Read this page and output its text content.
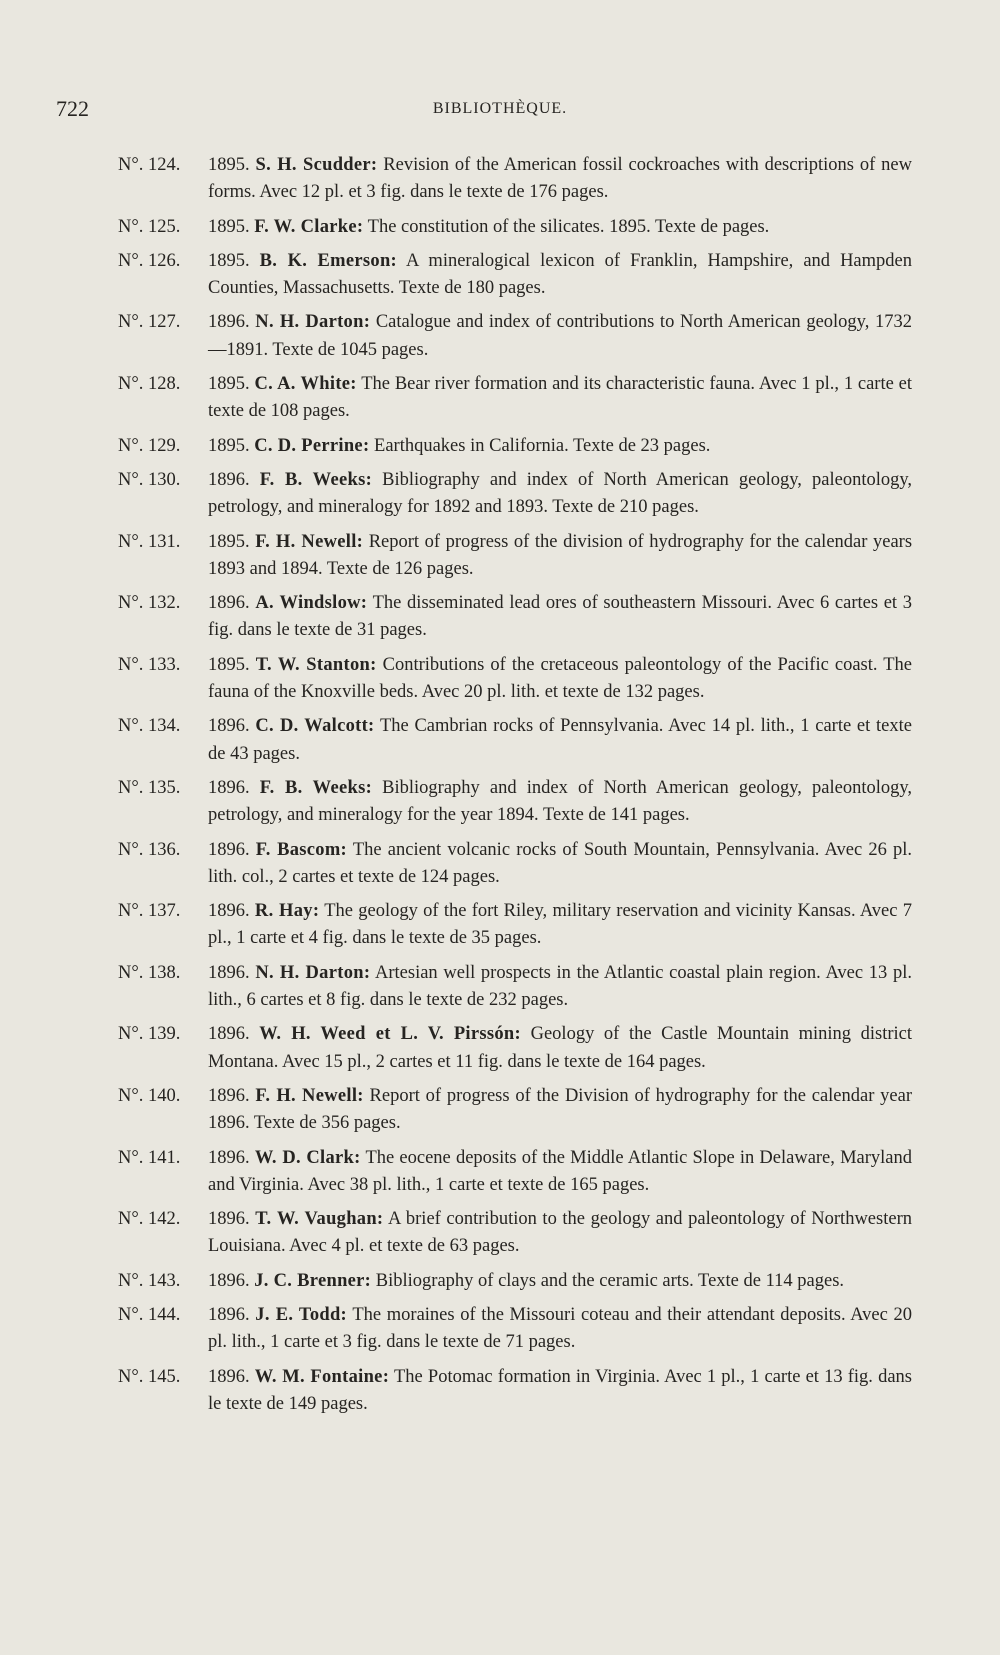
722	BIBLIOTHÈQUE.
N°. 124.	1895. S. H. Scudder: Revision of the American fossil cockroaches with descriptions of new forms. Avec 12 pl. et 3 fig. dans le texte de 176 pages.
N°. 125.	1895. F. W. Clarke: The constitution of the silicates. 1895. Texte de pages.
N°. 126.	1895. B. K. Emerson: A mineralogical lexicon of Franklin, Hampshire, and Hampden Counties, Massachusetts. Texte de 180 pages.
N°. 127.	1896. N. H. Darton: Catalogue and index of contributions to North American geology, 1732—1891. Texte de 1045 pages.
N°. 128.	1895. C. A. White: The Bear river formation and its characteristic fauna. Avec 1 pl., 1 carte et texte de 108 pages.
N°. 129.	1895. C. D. Perrine: Earthquakes in California. Texte de 23 pages.
N°. 130.	1896. F. B. Weeks: Bibliography and index of North American geology, paleontology, petrology, and mineralogy for 1892 and 1893. Texte de 210 pages.
N°. 131.	1895. F. H. Newell: Report of progress of the division of hydrography for the calendar years 1893 and 1894. Texte de 126 pages.
N°. 132.	1896. A. Windslow: The disseminated lead ores of southeastern Missouri. Avec 6 cartes et 3 fig. dans le texte de 31 pages.
N°. 133.	1895. T. W. Stanton: Contributions of the cretaceous paleontology of the Pacific coast. The fauna of the Knoxville beds. Avec 20 pl. lith. et texte de 132 pages.
N°. 134.	1896. C. D. Walcott: The Cambrian rocks of Pennsylvania. Avec 14 pl. lith., 1 carte et texte de 43 pages.
N°. 135.	1896. F. B. Weeks: Bibliography and index of North American geology, paleontology, petrology, and mineralogy for the year 1894. Texte de 141 pages.
N°. 136.	1896. F. Bascom: The ancient volcanic rocks of South Mountain, Pennsylvania. Avec 26 pl. lith. col., 2 cartes et texte de 124 pages.
N°. 137.	1896. R. Hay: The geology of the fort Riley, military reservation and vicinity Kansas. Avec 7 pl., 1 carte et 4 fig. dans le texte de 35 pages.
N°. 138.	1896. N. H. Darton: Artesian well prospects in the Atlantic coastal plain region. Avec 13 pl. lith., 6 cartes et 8 fig. dans le texte de 232 pages.
N°. 139.	1896. W. H. Weed et L. V. Pirssón: Geology of the Castle Mountain mining district Montana. Avec 15 pl., 2 cartes et 11 fig. dans le texte de 164 pages.
N°. 140.	1896. F. H. Newell: Report of progress of the Division of hydrography for the calendar year 1896. Texte de 356 pages.
N°. 141.	1896. W. D. Clark: The eocene deposits of the Middle Atlantic Slope in Delaware, Maryland and Virginia. Avec 38 pl. lith., 1 carte et texte de 165 pages.
N°. 142.	1896. T. W. Vaughan: A brief contribution to the geology and paleontology of Northwestern Louisiana. Avec 4 pl. et texte de 63 pages.
N°. 143.	1896. J. C. Brenner: Bibliography of clays and the ceramic arts. Texte de 114 pages.
N°. 144.	1896. J. E. Todd: The moraines of the Missouri coteau and their attendant deposits. Avec 20 pl. lith., 1 carte et 3 fig. dans le texte de 71 pages.
N°. 145.	1896. W. M. Fontaine: The Potomac formation in Virginia. Avec 1 pl., 1 carte et 13 fig. dans le texte de 149 pages.
